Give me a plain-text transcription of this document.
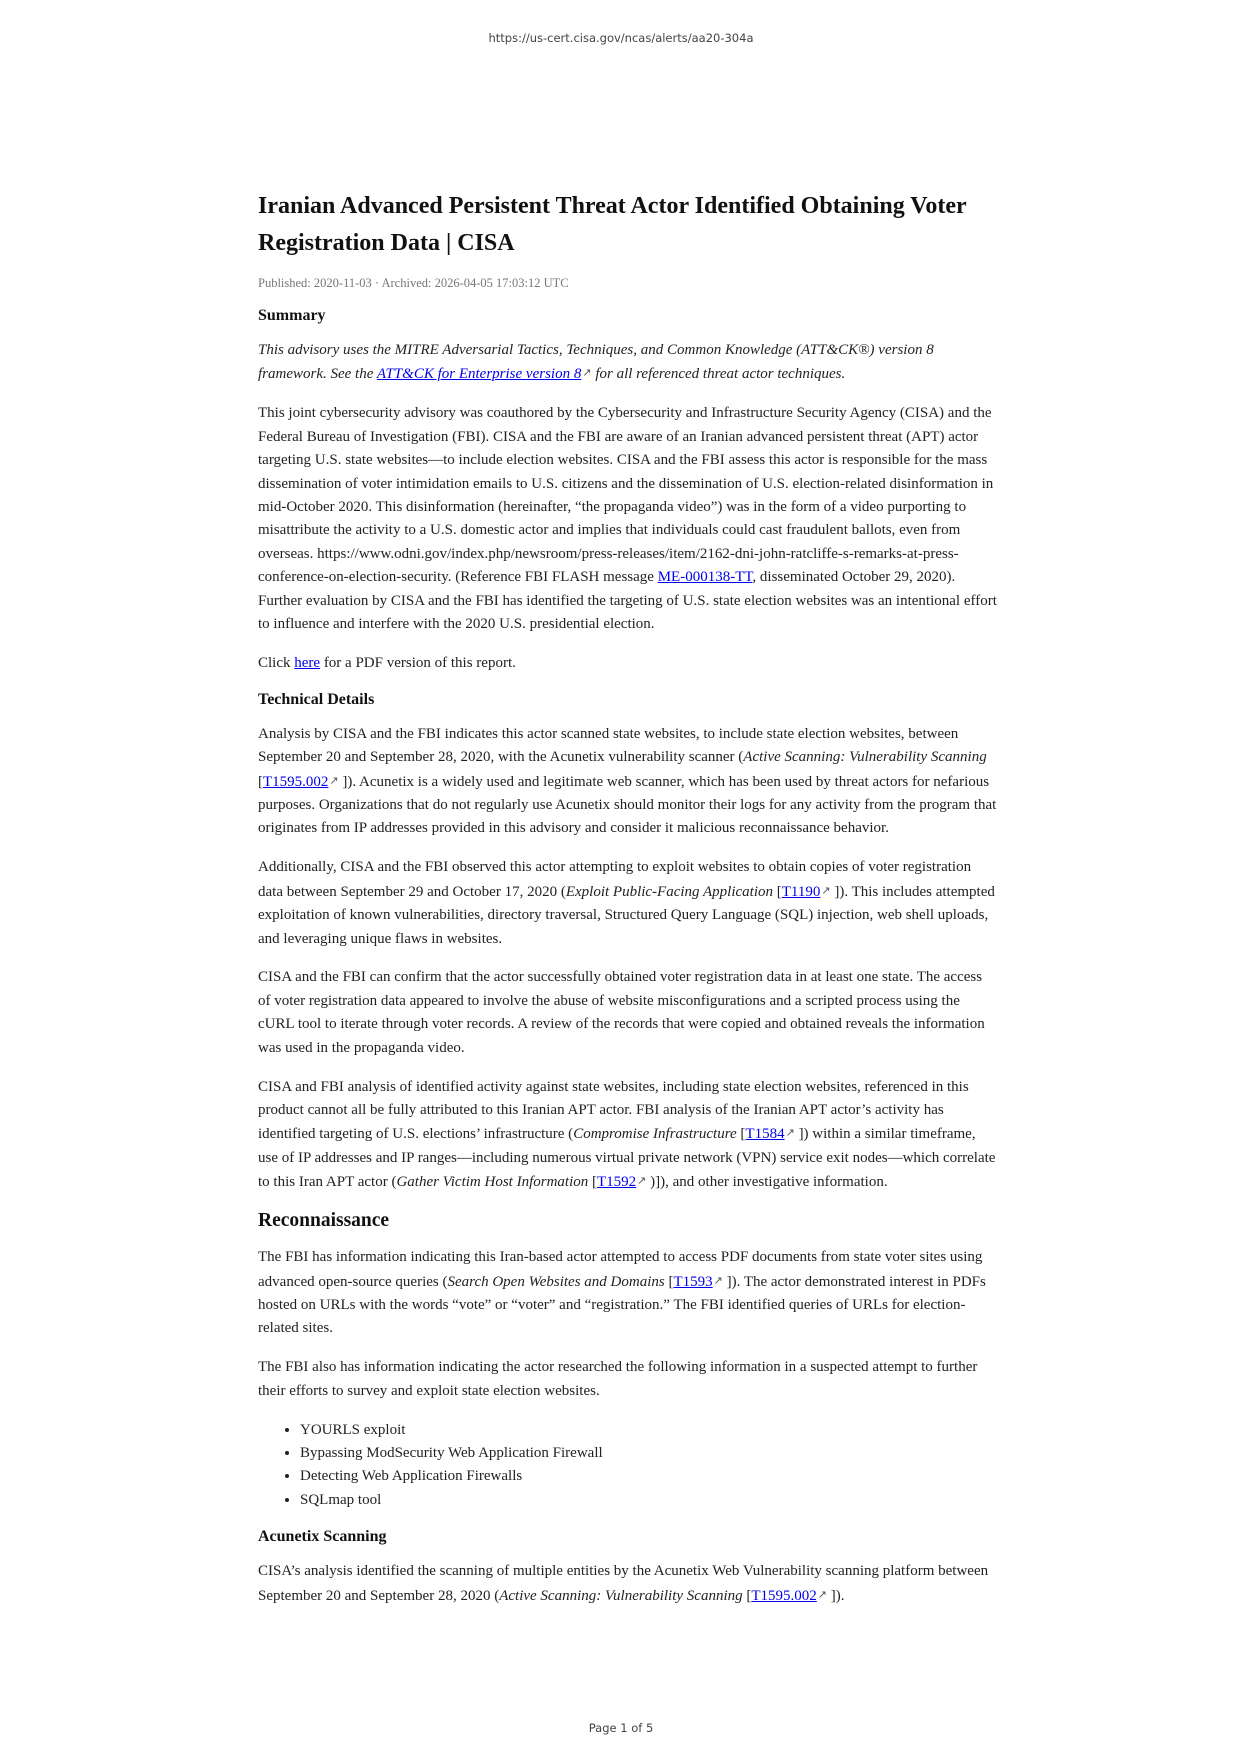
https://us-cert.cisa.gov/ncas/alerts/aa20-304a
Iranian Advanced Persistent Threat Actor Identified Obtaining Voter Registration Data | CISA
Published: 2020-11-03 · Archived: 2026-04-05 17:03:12 UTC
Summary

This advisory uses the MITRE Adversarial Tactics, Techniques, and Common Knowledge (ATT&CK®) version 8 framework. See the ATT&CK for Enterprise version 8↗ for all referenced threat actor techniques.

This joint cybersecurity advisory was coauthored by the Cybersecurity and Infrastructure Security Agency (CISA) and the Federal Bureau of Investigation (FBI). CISA and the FBI are aware of an Iranian advanced persistent threat (APT) actor targeting U.S. state websites—to include election websites. CISA and the FBI assess this actor is responsible for the mass dissemination of voter intimidation emails to U.S. citizens and the dissemination of U.S. election-related disinformation in mid-October 2020. This disinformation (hereinafter, “the propaganda video”) was in the form of a video purporting to misattribute the activity to a U.S. domestic actor and implies that individuals could cast fraudulent ballots, even from overseas. https://www.odni.gov/index.php/newsroom/press-releases/item/2162-dni-john-ratcliffe-s-remarks-at-press-conference-on-election-security. (Reference FBI FLASH message ME-000138-TT, disseminated October 29, 2020). Further evaluation by CISA and the FBI has identified the targeting of U.S. state election websites was an intentional effort to influence and interfere with the 2020 U.S. presidential election.

Click here for a PDF version of this report.

Technical Details

Analysis by CISA and the FBI indicates this actor scanned state websites, to include state election websites, between September 20 and September 28, 2020, with the Acunetix vulnerability scanner (Active Scanning: Vulnerability Scanning [T1595.002↗ ]). Acunetix is a widely used and legitimate web scanner, which has been used by threat actors for nefarious purposes. Organizations that do not regularly use Acunetix should monitor their logs for any activity from the program that originates from IP addresses provided in this advisory and consider it malicious reconnaissance behavior.

Additionally, CISA and the FBI observed this actor attempting to exploit websites to obtain copies of voter registration data between September 29 and October 17, 2020 (Exploit Public-Facing Application [T1190↗ ]). This includes attempted exploitation of known vulnerabilities, directory traversal, Structured Query Language (SQL) injection, web shell uploads, and leveraging unique flaws in websites.

CISA and the FBI can confirm that the actor successfully obtained voter registration data in at least one state. The access of voter registration data appeared to involve the abuse of website misconfigurations and a scripted process using the cURL tool to iterate through voter records. A review of the records that were copied and obtained reveals the information was used in the propaganda video.

CISA and FBI analysis of identified activity against state websites, including state election websites, referenced in this product cannot all be fully attributed to this Iranian APT actor. FBI analysis of the Iranian APT actor’s activity has identified targeting of U.S. elections’ infrastructure (Compromise Infrastructure [T1584↗ ]) within a similar timeframe, use of IP addresses and IP ranges—including numerous virtual private network (VPN) service exit nodes—which correlate to this Iran APT actor (Gather Victim Host Information [T1592↗ )]), and other investigative information.

Reconnaissance

The FBI has information indicating this Iran-based actor attempted to access PDF documents from state voter sites using advanced open-source queries (Search Open Websites and Domains [T1593↗ ]). The actor demonstrated interest in PDFs hosted on URLs with the words “vote” or “voter” and “registration.” The FBI identified queries of URLs for election-related sites.

The FBI also has information indicating the actor researched the following information in a suspected attempt to further their efforts to survey and exploit state election websites.

• YOURLS exploit
• Bypassing ModSecurity Web Application Firewall
• Detecting Web Application Firewalls
• SQLmap tool
Acunetix Scanning

CISA’s analysis identified the scanning of multiple entities by the Acunetix Web Vulnerability scanning platform between September 20 and September 28, 2020 (Active Scanning: Vulnerability Scanning [T1595.002↗ ]).

Page 1 of 5
